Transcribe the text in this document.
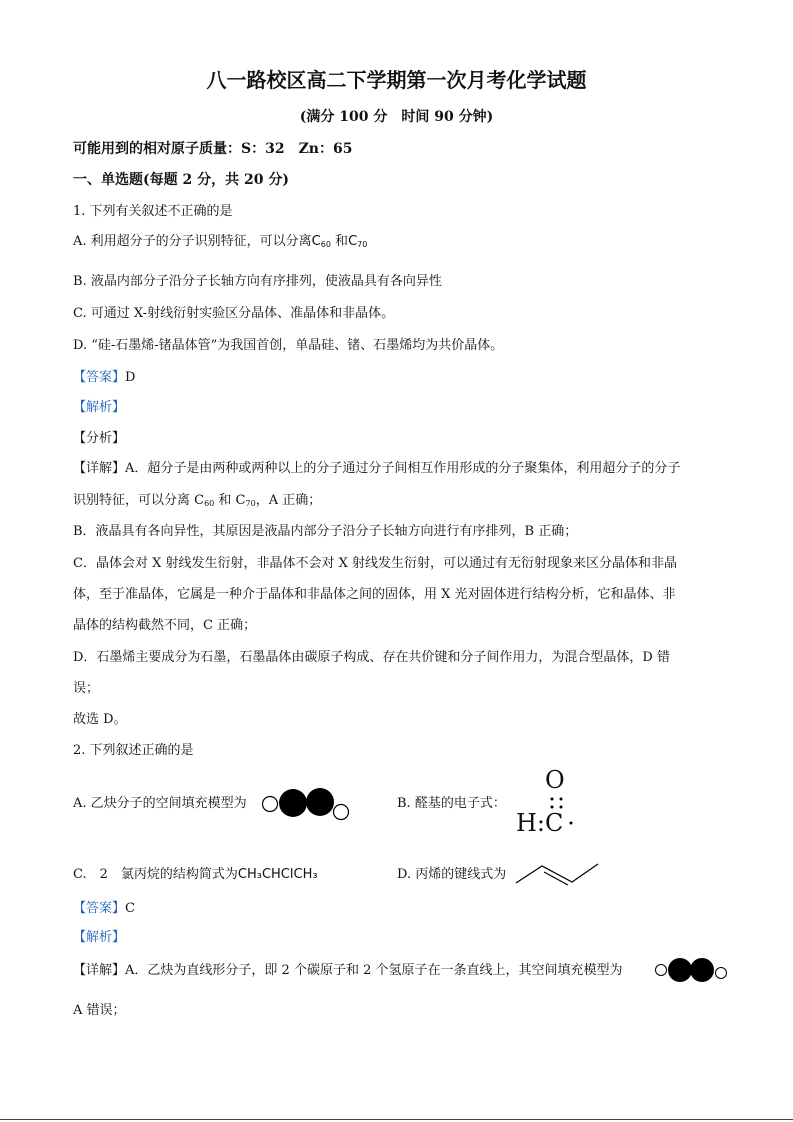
八一路校区高二下学期第一次月考化学试题
(满分 100 分　时间 90 分钟)
可能用到的相对原子质量：S：32　Zn：65
一、单选题(每题 2 分，共 20 分)
1. 下列有关叙述不正确的是
A. 利用超分子的分子识别特征，可以分离$C_{60}$ 和$C_{70}$
B. 液晶内部分子沿分子长轴方向有序排列，使液晶具有各向异性
C. 可通过 X-射线衍射实验区分晶体、准晶体和非晶体。
D. “硅-石墨烯-锗晶体管”为我国首创，单晶硅、锗、石墨烯均为共价晶体。
【答案】D
【解析】
【分析】
【详解】A．超分子是由两种或两种以上的分子通过分子间相互作用形成的分子聚集体，利用超分子的分子
识别特征，可以分离 $C_{60}$ 和 $C_{70}$，A 正确；
B．液晶具有各向异性，其原因是液晶内部分子沿分子长轴方向进行有序排列，B 正确；
C．晶体会对 X 射线发生衍射，非晶体不会对 X 射线发生衍射，可以通过有无衍射现象来区分晶体和非晶
体，至于准晶体，它属是一种介于晶体和非晶体之间的固体，用 X 光对固体进行结构分析，它和晶体、非
晶体的结构截然不同，C 正确；
D．石墨烯主要成分为石墨，石墨晶体由碳原子构成、存在共价键和分子间作用力，为混合型晶体，D 错
误；
故选 D。
2. 下列叙述正确的是
A. 乙炔分子的空间填充模型为	B. 醛基的电子式：
O
H:C
C.　2　氯丙烷的结构简式为CH₃CHClCH₃	D. 丙烯的键线式为
【答案】C
【解析】
【详解】A．乙炔为直线形分子，即 2 个碳原子和 2 个氢原子在一条直线上，其空间填充模型为
A 错误；
